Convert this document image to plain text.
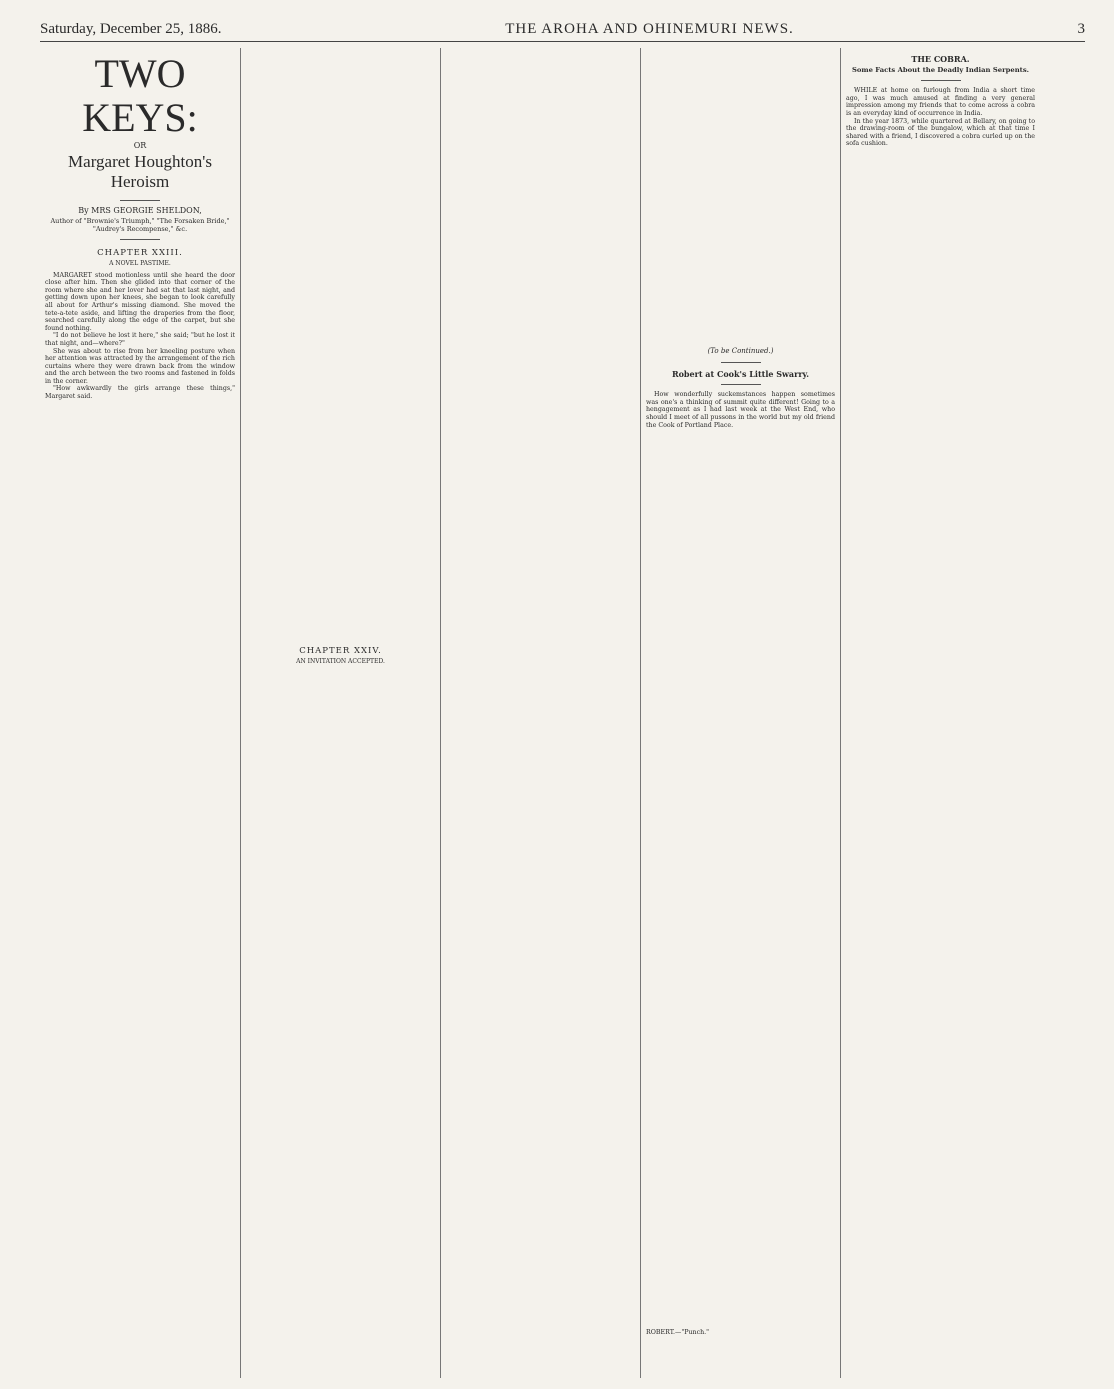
Saturday, December 25, 1886.	THE AROHA AND OHINEMURI NEWS.	3
TWO KEYS:
OR
Margaret Houghton's Heroism
By MRS GEORGIE SHELDON,
Author of "Brownie's Triumph," "The Forsaken Bride," "Audrey's Recompense," &c.
CHAPTER XXIII.
A NOVEL PASTIME.

MARGARET stood motionless until she heard the door close after him. Then she glided into that corner of the room where she and her lover had sat that last night, and getting down upon her knees, she began to look carefully all about for Arthur's missing diamond. She moved the tete-a-tete aside, and lifting the draperies from the floor, searched carefully along the edge of the carpet, but she found nothing.

"I do not believe he lost it here," she said; "but he lost it that night, and—where?"

She was about to rise from her kneeling posture when her attention was attracted by the arrangement of the rich curtains where they were drawn back from the window and the arch between the two rooms and fastened in folds in the corner.

"How awkwardly the girls arrange these things," Margaret said.

CHAPTER XXIV.
AN INVITATION ACCEPTED.
(To be Continued.)
Robert at Cook's Little Swarry.

How wonderfully suckemstances happen sometimes was one's a thinking of summit quite different! Going to a hengagement as I had last week at the West End, who should I meet of all pussons in the world but my old friend the Cook of Portland Place.

ROBERT.—"Punch."
THE COBRA.
Some Facts About the Deadly Indian Serpents.

WHILE at home on furlough from India a short time ago, I was much amused at finding a very general impression among my friends that to come across a cobra is an everyday kind of occurrence in India.

In the year 1873, while quartered at Bellary, on going to the drawing-room of the bungalow, which at that time I shared with a friend, I discovered a cobra curled up on the sofa cushion.
